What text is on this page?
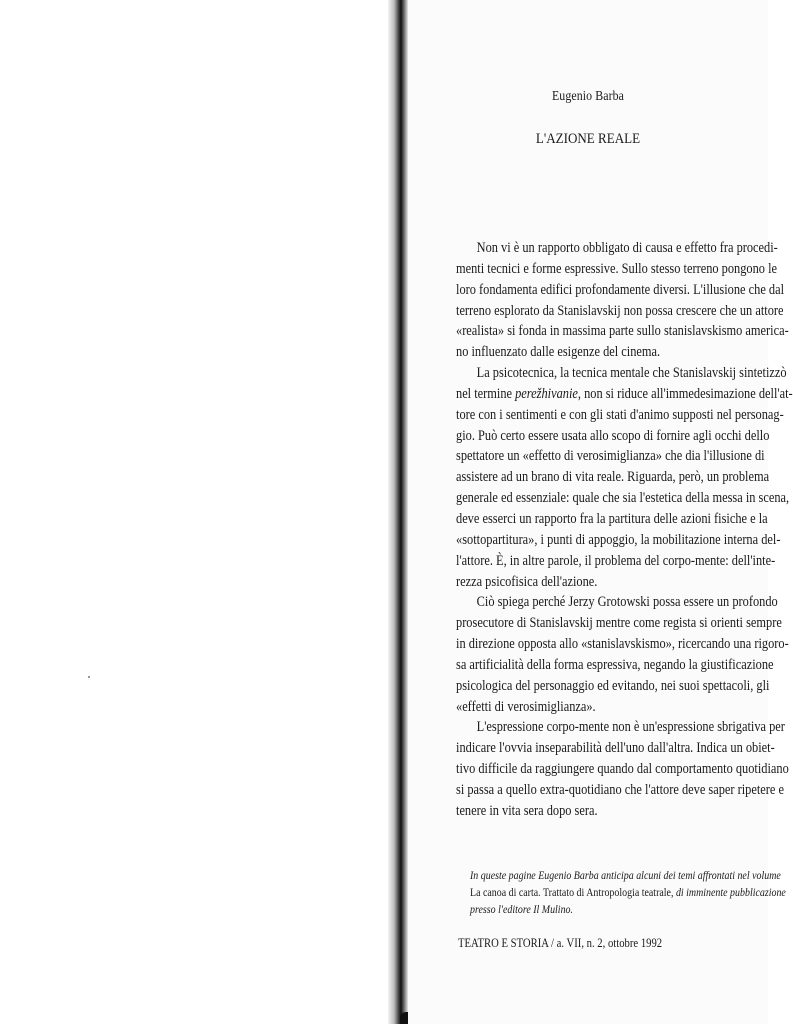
Eugenio Barba
L'AZIONE REALE
Non vi è un rapporto obbligato di causa e effetto fra procedi-
menti tecnici e forme espressive. Sullo stesso terreno pongono le
loro fondamenta edifici profondamente diversi. L'illusione che dal
terreno esplorato da Stanislavskij non possa crescere che un attore
«realista» si fonda in massima parte sullo stanislavskismo america-
no influenzato dalle esigenze del cinema.
La psicotecnica, la tecnica mentale che Stanislavskij sintetizzò
nel termine perežhivanie, non si riduce all'immedesimazione dell'at-
tore con i sentimenti e con gli stati d'animo supposti nel personag-
gio. Può certo essere usata allo scopo di fornire agli occhi dello
spettatore un «effetto di verosimiglianza» che dia l'illusione di
assistere ad un brano di vita reale. Riguarda, però, un problema
generale ed essenziale: quale che sia l'estetica della messa in scena,
deve esserci un rapporto fra la partitura delle azioni fisiche e la
«sottopartitura», i punti di appoggio, la mobilitazione interna del-
l'attore. È, in altre parole, il problema del corpo-mente: dell'inte-
rezza psicofisica dell'azione.
Ciò spiega perché Jerzy Grotowski possa essere un profondo
prosecutore di Stanislavskij mentre come regista si orienti sempre
in direzione opposta allo «stanislavskismo», ricercando una rigoro-
sa artificialità della forma espressiva, negando la giustificazione
psicologica del personaggio ed evitando, nei suoi spettacoli, gli
«effetti di verosimiglianza».
L'espressione corpo-mente non è un'espressione sbrigativa per
indicare l'ovvia inseparabilità dell'uno dall'altra. Indica un obiet-
tivo difficile da raggiungere quando dal comportamento quotidiano
si passa a quello extra-quotidiano che l'attore deve saper ripetere e
tenere in vita sera dopo sera.
In queste pagine Eugenio Barba anticipa alcuni dei temi affrontati nel volume
La canoa di carta. Trattato di Antropologia teatrale, di imminente pubblicazione
presso l'editore Il Mulino.
TEATRO E STORIA / a. VII, n. 2, ottobre 1992
